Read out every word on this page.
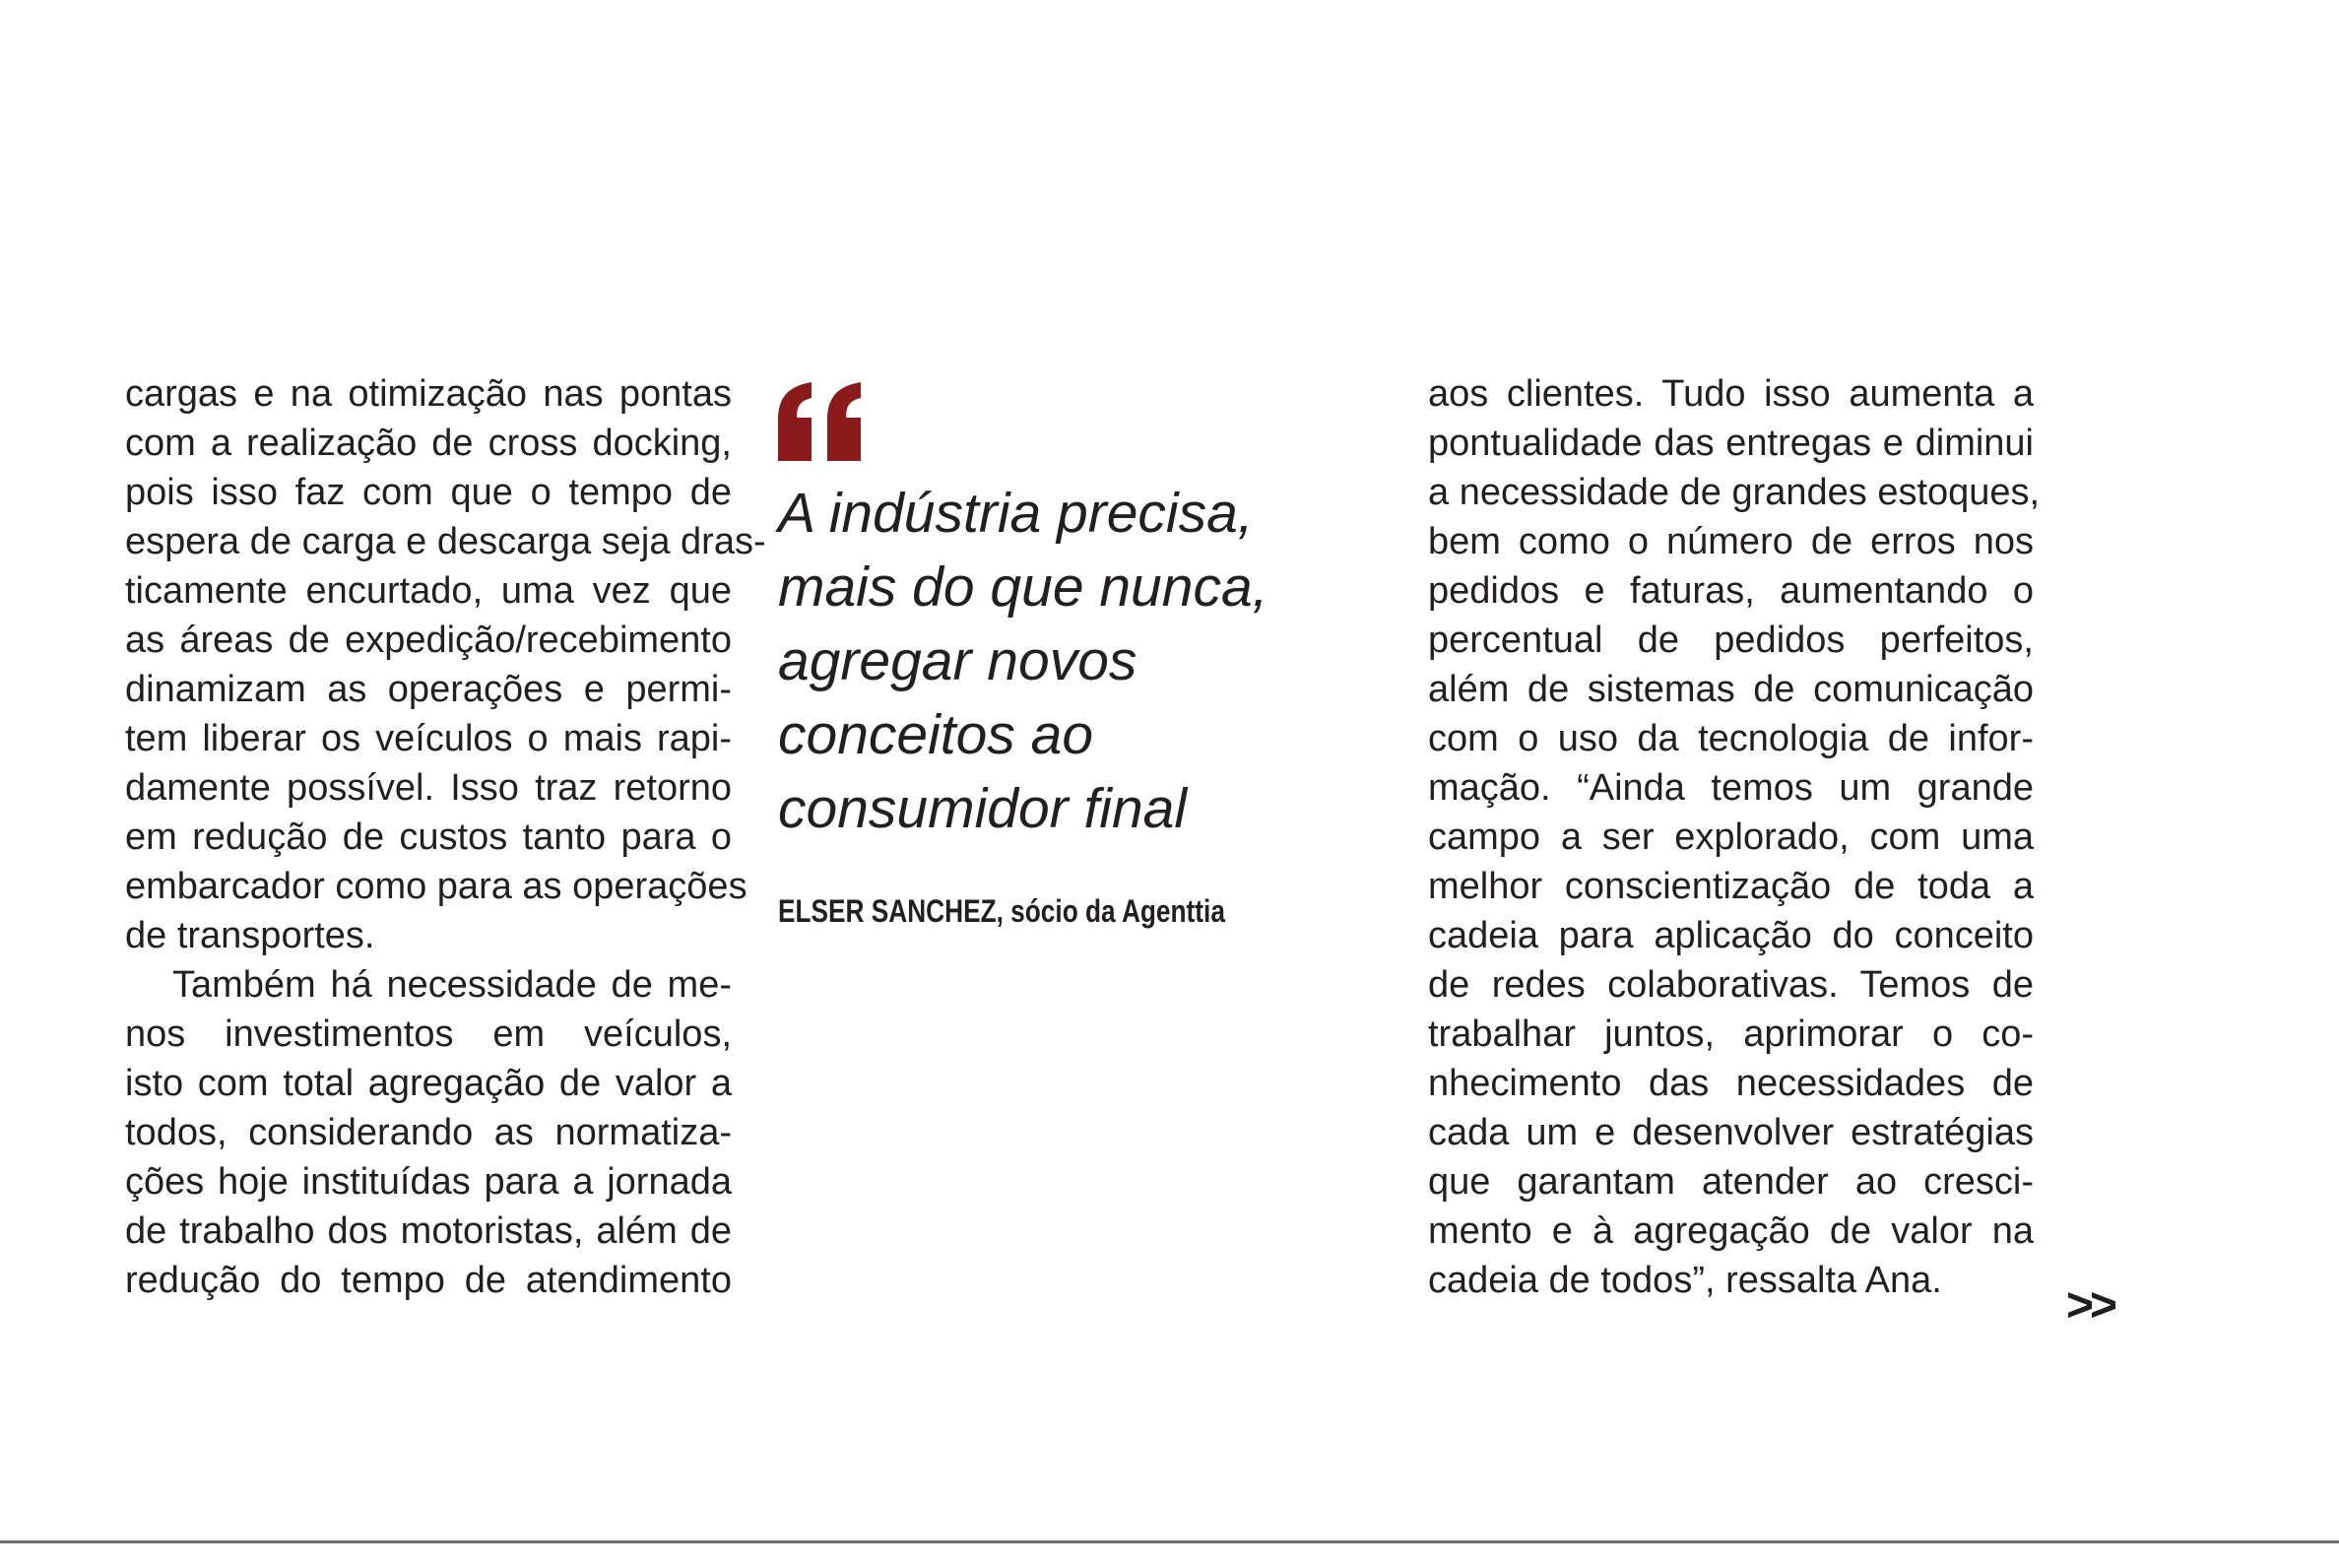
cargas e na otimização nas pontas
com a realização de cross docking,
pois isso faz com que o tempo de
espera de carga e descarga seja dras-
ticamente encurtado, uma vez que
as áreas de expedição/recebimento
dinamizam as operações e permi-
tem liberar os veículos o mais rapi-
damente possível. Isso traz retorno
em redução de custos tanto para o
embarcador como para as operações
de transportes.
Também há necessidade de me-
nos investimentos em veículos,
isto com total agregação de valor a
todos, considerando as normatiza-
ções hoje instituídas para a jornada
de trabalho dos motoristas, além de
redução do tempo de atendimento

A indústria precisa, mais do que nunca, agregar novos conceitos ao consumidor final

ELSER SANCHEZ, sócio da Agenttia
aos clientes. Tudo isso aumenta a
pontualidade das entregas e diminui
a necessidade de grandes estoques,
bem como o número de erros nos
pedidos e faturas, aumentando o
percentual de pedidos perfeitos,
além de sistemas de comunicação
com o uso da tecnologia de infor-
mação. “Ainda temos um grande
campo a ser explorado, com uma
melhor conscientização de toda a
cadeia para aplicação do conceito
de redes colaborativas. Temos de
trabalhar juntos, aprimorar o co-
nhecimento das necessidades de
cada um e desenvolver estratégias
que garantam atender ao cresci-
mento e à agregação de valor na
cadeia de todos”, ressalta Ana.	>>
